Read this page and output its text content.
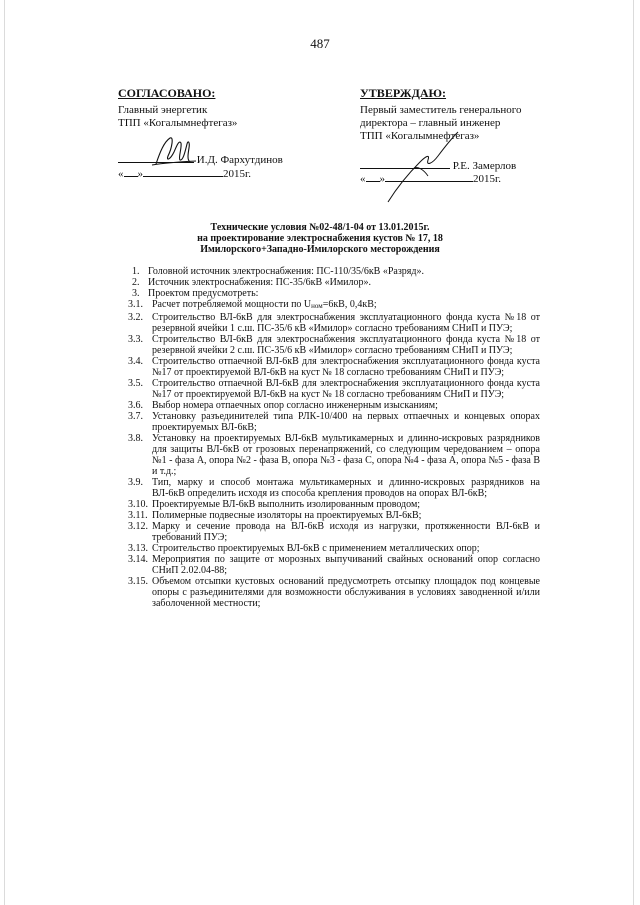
487
СОГЛАСОВАНО:
Главный энергетик
ТПП «Когалымнефтегаз»
И.Д. Фархутдинов
« »	2015г.
УТВЕРЖДАЮ:
Первый заместитель генерального
директора – главный инженер
ТПП «Когалымнефтегаз»
Р.Е. Замерлов
« »	2015г.
Технические условия №02-48/1-04 от 13.01.2015г.
на проектирование электроснабжения кустов № 17, 18
Имилорского+Западно-Имилорского месторождения
1. Головной источник электроснабжения: ПС-110/35/6кВ «Разряд».
2. Источник электроснабжения: ПС-35/6кВ «Имилор».
3. Проектом предусмотреть:
3.1. Расчет потребляемой мощности по Uном=6кВ, 0,4кВ;
3.2. Строительство ВЛ-6кВ для электроснабжения эксплуатационного фонда куста №18 от резервной ячейки 1 с.ш. ПС-35/6 кВ «Имилор» согласно требованиям СНиП и ПУЭ;
3.3. Строительство ВЛ-6кВ для электроснабжения эксплуатационного фонда куста №18 от резервной ячейки 2 с.ш. ПС-35/6 кВ «Имилор» согласно требованиям СНиП и ПУЭ;
3.4. Строительство отпаечной ВЛ-6кВ для электроснабжения эксплуатационного фонда куста №17 от проектируемой ВЛ-6кВ на куст № 18 согласно требованиям СНиП и ПУЭ;
3.5. Строительство отпаечной ВЛ-6кВ для электроснабжения эксплуатационного фонда куста №17 от проектируемой ВЛ-6кВ на куст № 18 согласно требованиям СНиП и ПУЭ;
3.6. Выбор номера отпаечных опор согласно инженерным изысканиям;
3.7. Установку разъединителей типа РЛК-10/400 на первых отпаечных и концевых опорах проектируемых ВЛ-6кВ;
3.8. Установку на проектируемых ВЛ-6кВ мультикамерных и длинно-искровых разрядников для защиты ВЛ-6кВ от грозовых перенапряжений, со следующим чередованием – опора №1 - фаза А, опора №2 - фаза В, опора №3 - фаза С, опора №4 - фаза А, опора №5 - фаза В и т.д.;
3.9. Тип, марку и способ монтажа мультикамерных и длинно-искровых разрядников на ВЛ-6кВ определить исходя из способа крепления проводов на опорах ВЛ-6кВ;
3.10. Проектируемые ВЛ-6кВ выполнить изолированным проводом;
3.11. Полимерные подвесные изоляторы на проектируемых ВЛ-6кВ;
3.12. Марку и сечение провода на ВЛ-6кВ исходя из нагрузки, протяженности ВЛ-6кВ и требований ПУЭ;
3.13. Строительство проектируемых ВЛ-6кВ с применением металлических опор;
3.14. Мероприятия по защите от морозных выпучиваний свайных оснований опор согласно СНиП 2.02.04-88;
3.15. Объемом отсыпки кустовых оснований предусмотреть отсыпку площадок под концевые опоры с разъединителями для возможности обслуживания в условиях заводненной и/или заболоченной местности;
